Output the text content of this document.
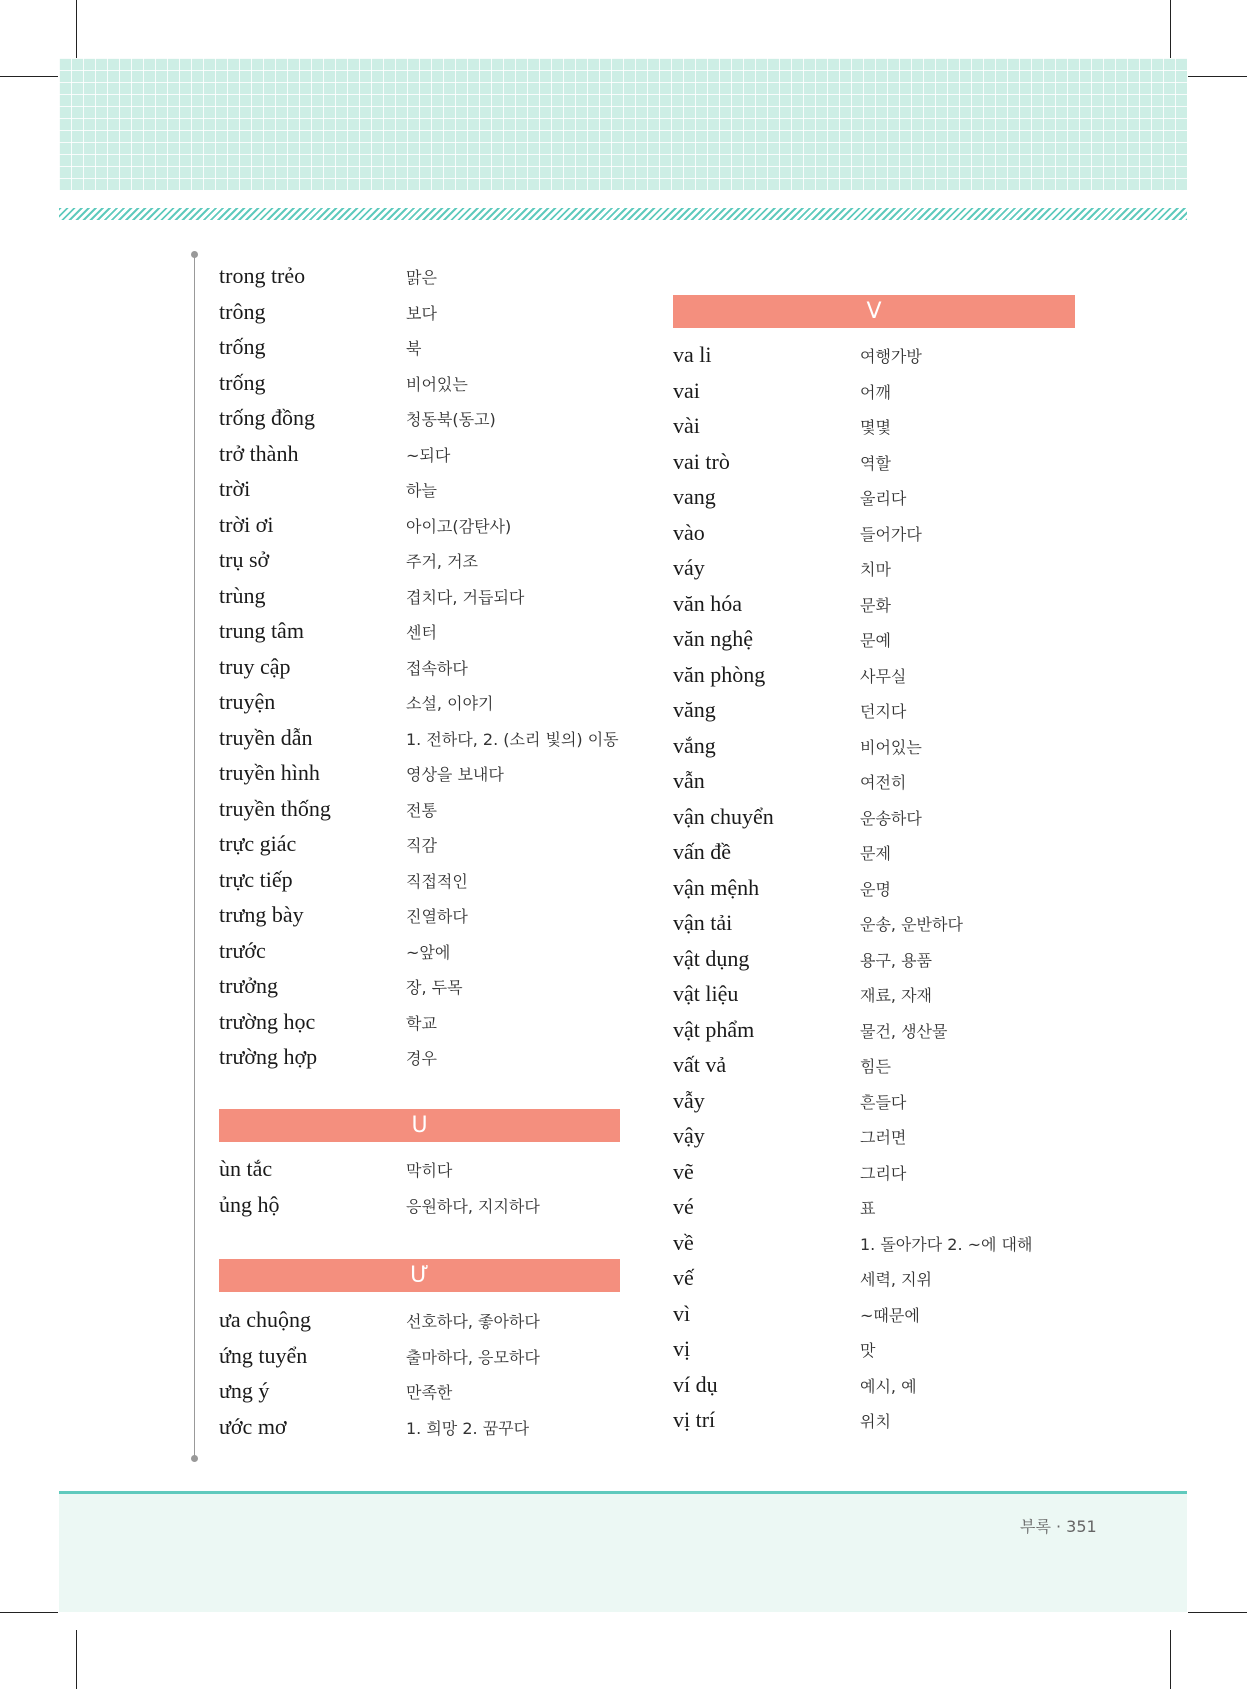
trong trẻo	맑은
trông	보다
trống	북
trống	비어있는
trống đồng	청동북(동고)
trở thành	~되다
trời	하늘
trời ơi	아이고(감탄사)
trụ sở	주거, 거조
trùng	겹치다, 거듭되다
trung tâm	센터
truy cập	접속하다
truyện	소설, 이야기
truyền dẫn	1. 전하다, 2. (소리 빛의) 이동
truyền hình	영상을 보내다
truyền thống	전통
trực giác	직감
trực tiếp	직접적인
trưng bày	진열하다
trước	~앞에
trưởng	장, 두목
trường học	학교
trường hợp	경우
U
ùn tắc	막히다
ủng hộ	응원하다, 지지하다
Ư
ưa chuộng	선호하다, 좋아하다
ứng tuyển	출마하다, 응모하다
ưng ý	만족한
ước mơ	1. 희망 2. 꿈꾸다
V
va li	여행가방
vai	어깨
vài	몇몇
vai trò	역할
vang	울리다
vào	들어가다
váy	치마
văn hóa	문화
văn nghệ	문예
văn phòng	사무실
văng	던지다
vắng	비어있는
vẫn	여전히
vận chuyển	운송하다
vấn đề	문제
vận mệnh	운명
vận tải	운송, 운반하다
vật dụng	용구, 용품
vật liệu	재료, 자재
vật phẩm	물건, 생산물
vất vả	힘든
vẫy	흔들다
vậy	그러면
vẽ	그리다
vé	표
về	1. 돌아가다 2. ~에 대해
vế	세력, 지위
vì	~때문에
vị	맛
ví dụ	예시, 예
vị trí	위치
부록 · 351
